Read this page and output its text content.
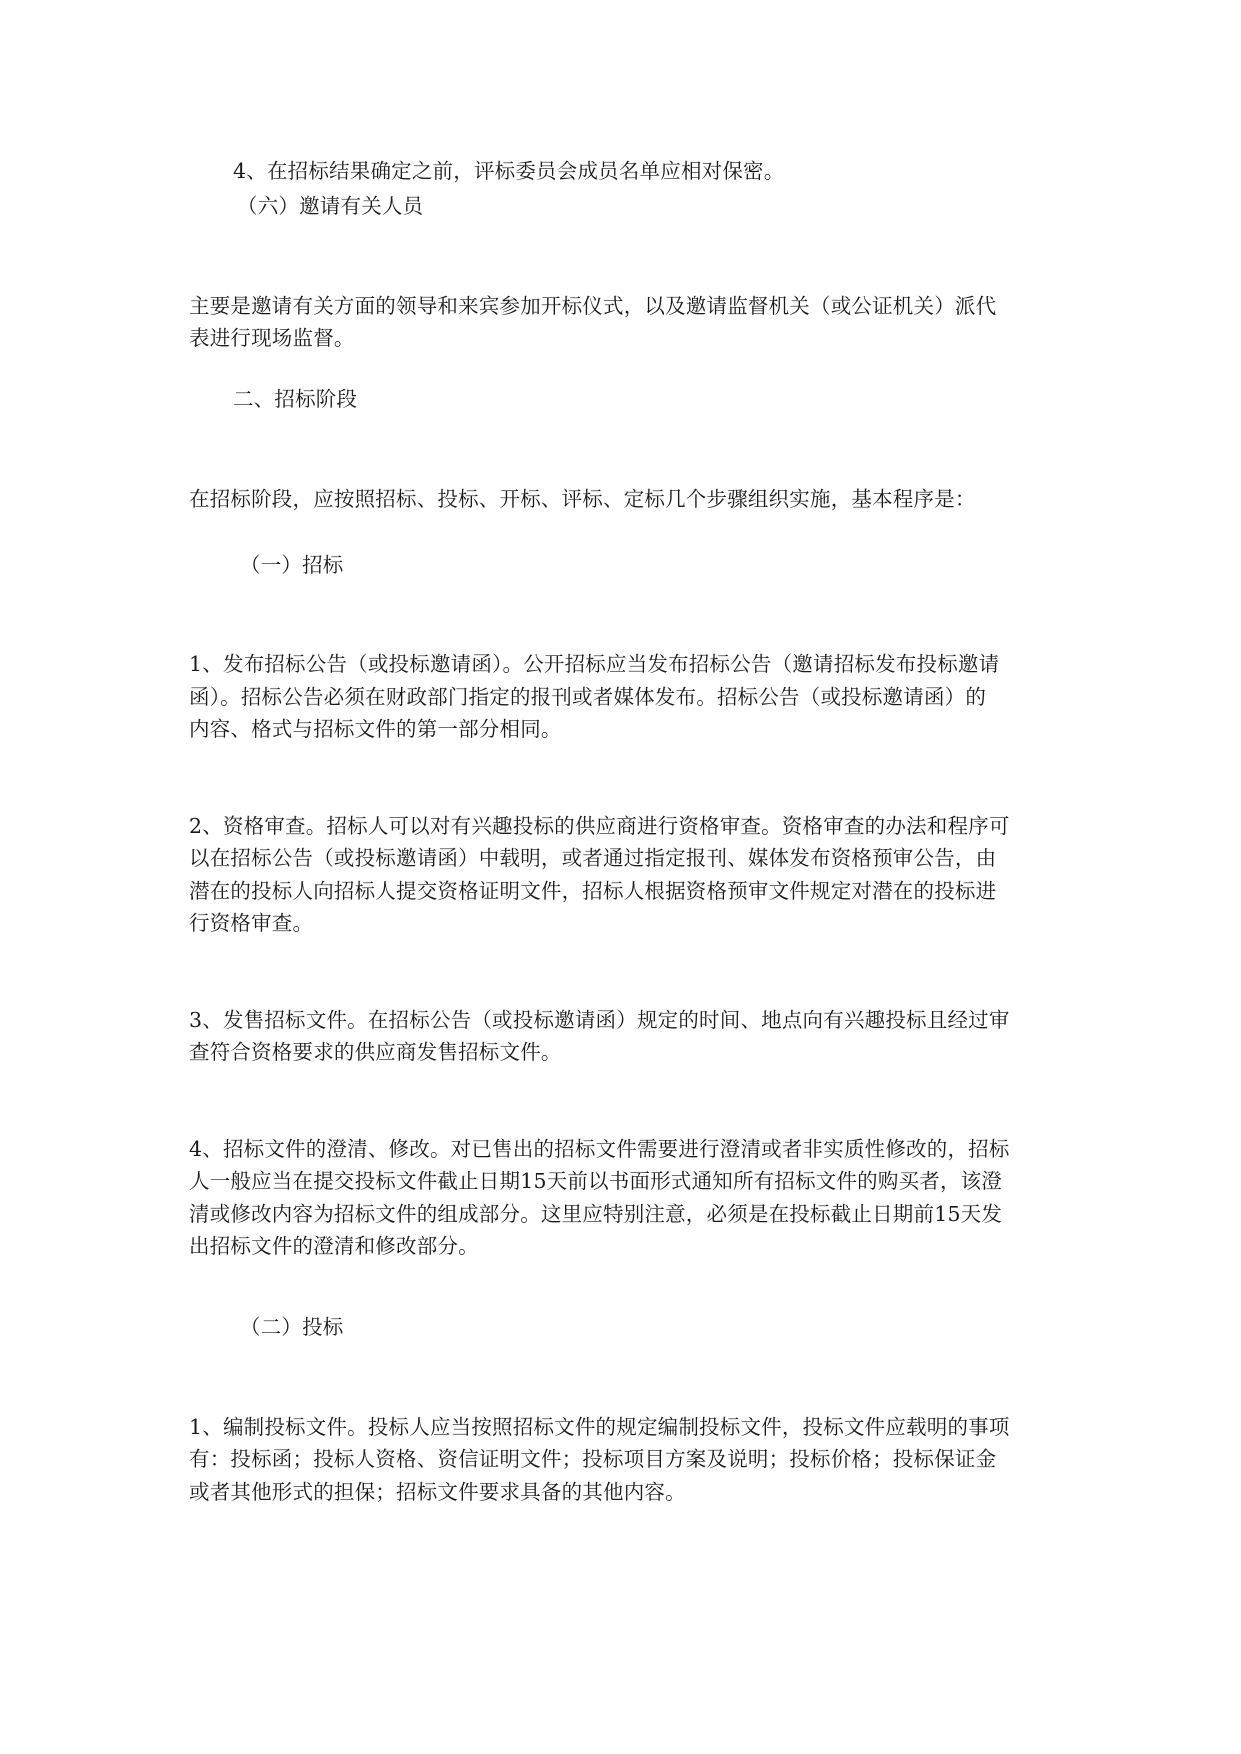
4、在招标结果确定之前，评标委员会成员名单应相对保密。
（六）邀请有关人员
主要是邀请有关方面的领导和来宾参加开标仪式，以及邀请监督机关（或公证机关）派代
表进行现场监督。
二、招标阶段
在招标阶段，应按照招标、投标、开标、评标、定标几个步骤组织实施，基本程序是：
（一）招标
1、发布招标公告（或投标邀请函）。公开招标应当发布招标公告（邀请招标发布投标邀请
函）。招标公告必须在财政部门指定的报刊或者媒体发布。招标公告（或投标邀请函）的
内容、格式与招标文件的第一部分相同。
2、资格审查。招标人可以对有兴趣投标的供应商进行资格审查。资格审查的办法和程序可
以在招标公告（或投标邀请函）中载明，或者通过指定报刊、媒体发布资格预审公告，由
潜在的投标人向招标人提交资格证明文件，招标人根据资格预审文件规定对潜在的投标进
行资格审查。
3、发售招标文件。在招标公告（或投标邀请函）规定的时间、地点向有兴趣投标且经过审
查符合资格要求的供应商发售招标文件。
4、招标文件的澄清、修改。对已售出的招标文件需要进行澄清或者非实质性修改的，招标
人一般应当在提交投标文件截止日期15天前以书面形式通知所有招标文件的购买者，该澄
清或修改内容为招标文件的组成部分。这里应特别注意，必须是在投标截止日期前15天发
出招标文件的澄清和修改部分。
（二）投标
1、编制投标文件。投标人应当按照招标文件的规定编制投标文件，投标文件应载明的事项
有：投标函；投标人资格、资信证明文件；投标项目方案及说明；投标价格；投标保证金
或者其他形式的担保；招标文件要求具备的其他内容。
